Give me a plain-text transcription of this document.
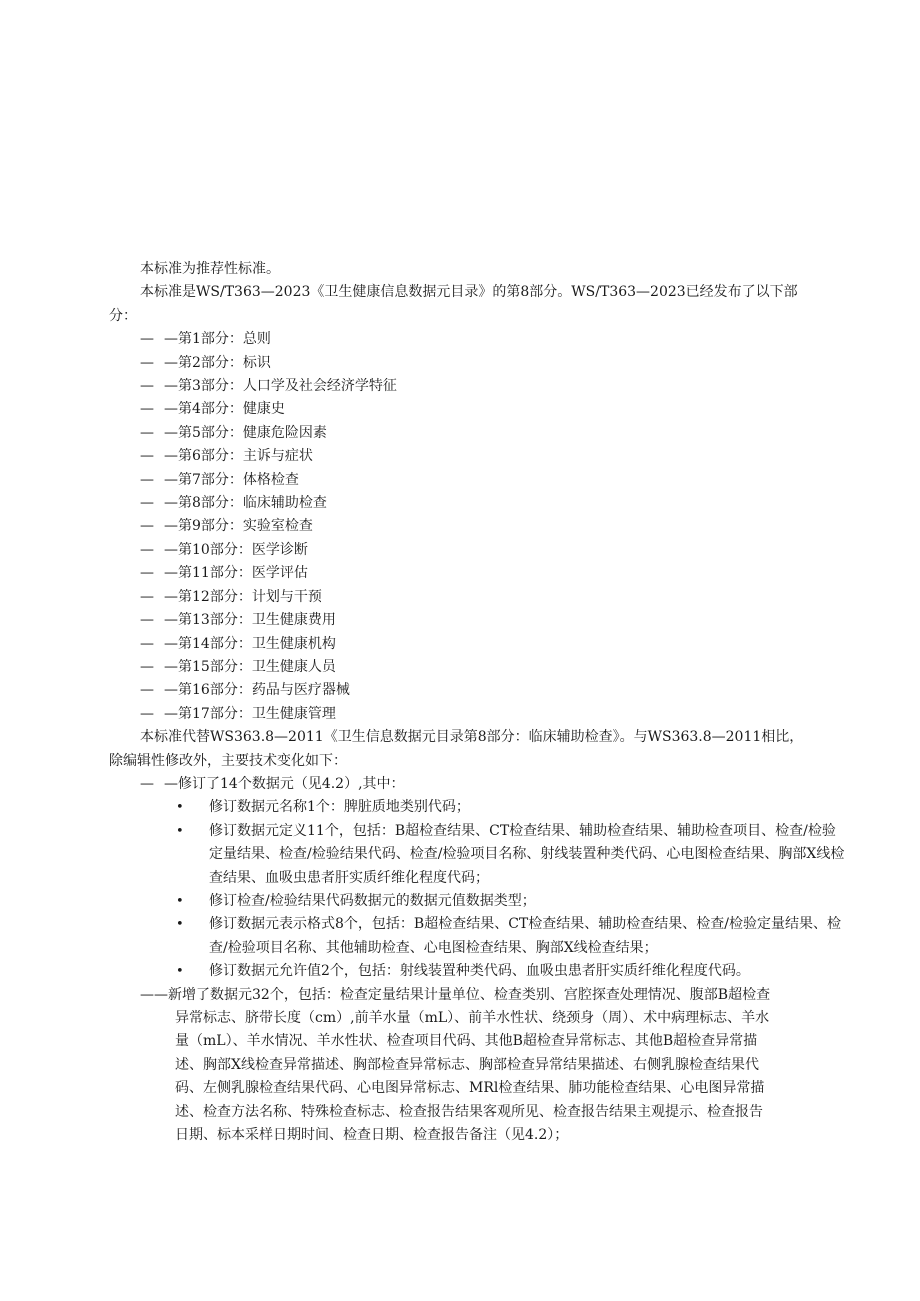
本标准为推荐性标准。
本标准是WS/T363—2023《卫生健康信息数据元目录》的第8部分。WS/T363—2023已经发布了以下部
分：
— —第1部分：总则
— —第2部分：标识
— —第3部分：人口学及社会经济学特征
— —第4部分：健康史
— —第5部分：健康危险因素
— —第6部分：主诉与症状
— —第7部分：体格检查
— —第8部分：临床辅助检查
— —第9部分：实验室检查
— —第10部分：医学诊断
— —第11部分：医学评估
— —第12部分：计划与干预
— —第13部分：卫生健康费用
— —第14部分：卫生健康机构
— —第15部分：卫生健康人员
— —第16部分：药品与医疗器械
— —第17部分：卫生健康管理
本标准代替WS363.8—2011《卫生信息数据元目录第8部分：临床辅助检查》。与WS363.8—2011相比，
除编辑性修改外，主要技术变化如下：
— —修订了14个数据元（见4.2）,其中：
• 修订数据元名称1个：脾脏质地类别代码；
• 修订数据元定义11个，包括：B超检查结果、CT检查结果、辅助检查结果、辅助检查项目、检查/检验定量结果、检查/检验结果代码、检查/检验项目名称、射线装置种类代码、心电图检查结果、胸部X线检查结果、血吸虫患者肝实质纤维化程度代码；
• 修订检查/检验结果代码数据元的数据元值数据类型；
• 修订数据元表示格式8个，包括：B超检查结果、CT检查结果、辅助检查结果、检查/检验定量结果、检查/检验项目名称、其他辅助检查、心电图检查结果、胸部X线检查结果；
• 修订数据元允许值2个，包括：射线装置种类代码、血吸虫患者肝实质纤维化程度代码。
——新增了数据元32个，包括：检查定量结果计量单位、检查类别、宫腔探查处理情况、腹部B超检查
异常标志、脐带长度（cm）,前羊水量（mL）、前羊水性状、绕颈身（周）、术中病理标志、羊水
量（mL）、羊水情况、羊水性状、检查项目代码、其他B超检查异常标志、其他B超检查异常描
述、胸部X线检查异常描述、胸部检查异常标志、胸部检查异常结果描述、右侧乳腺检查结果代
码、左侧乳腺检查结果代码、心电图异常标志、MRl检查结果、肺功能检查结果、心电图异常描
述、检查方法名称、特殊检查标志、检查报告结果客观所见、检查报告结果主观提示、检查报告
日期、标本采样日期时间、检查日期、检查报告备注（见4.2）；
